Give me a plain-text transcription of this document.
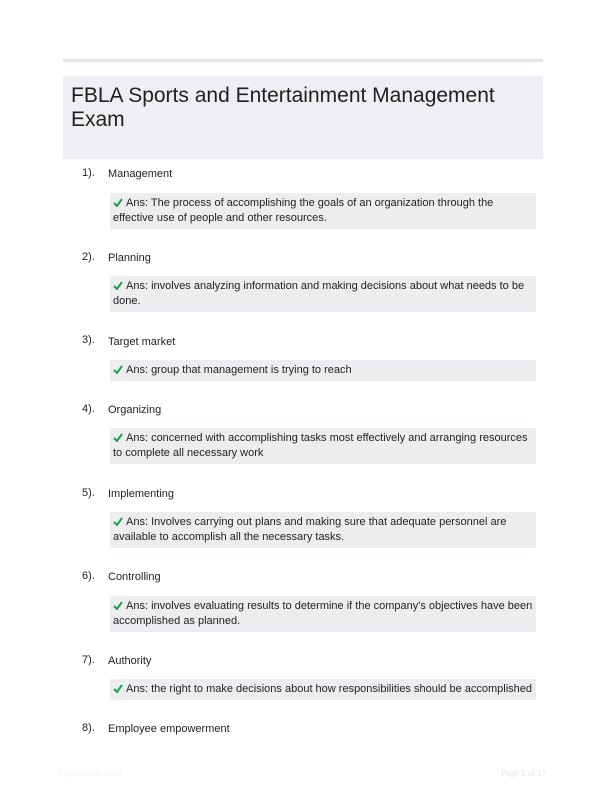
FBLA Sports and Entertainment Management Exam
1). Management
Ans: The process of accomplishing the goals of an organization through the effective use of people and other resources.
2). Planning
Ans: involves analyzing information and making decisions about what needs to be done.
3). Target market
Ans: group that management is trying to reach
4). Organizing
Ans: concerned with accomplishing tasks most effectively and arranging resources to complete all necessary work
5). Implementing
Ans: Involves carrying out plans and making sure that adequate personnel are available to accomplish all the necessary tasks.
6). Controlling
Ans: involves evaluating results to determine if the company's objectives have been accomplished as planned.
7). Authority
Ans: the right to make decisions about how responsibilities should be accomplished
8). Employee empowerment
Paperbuildr.com	Page 1 of 17
